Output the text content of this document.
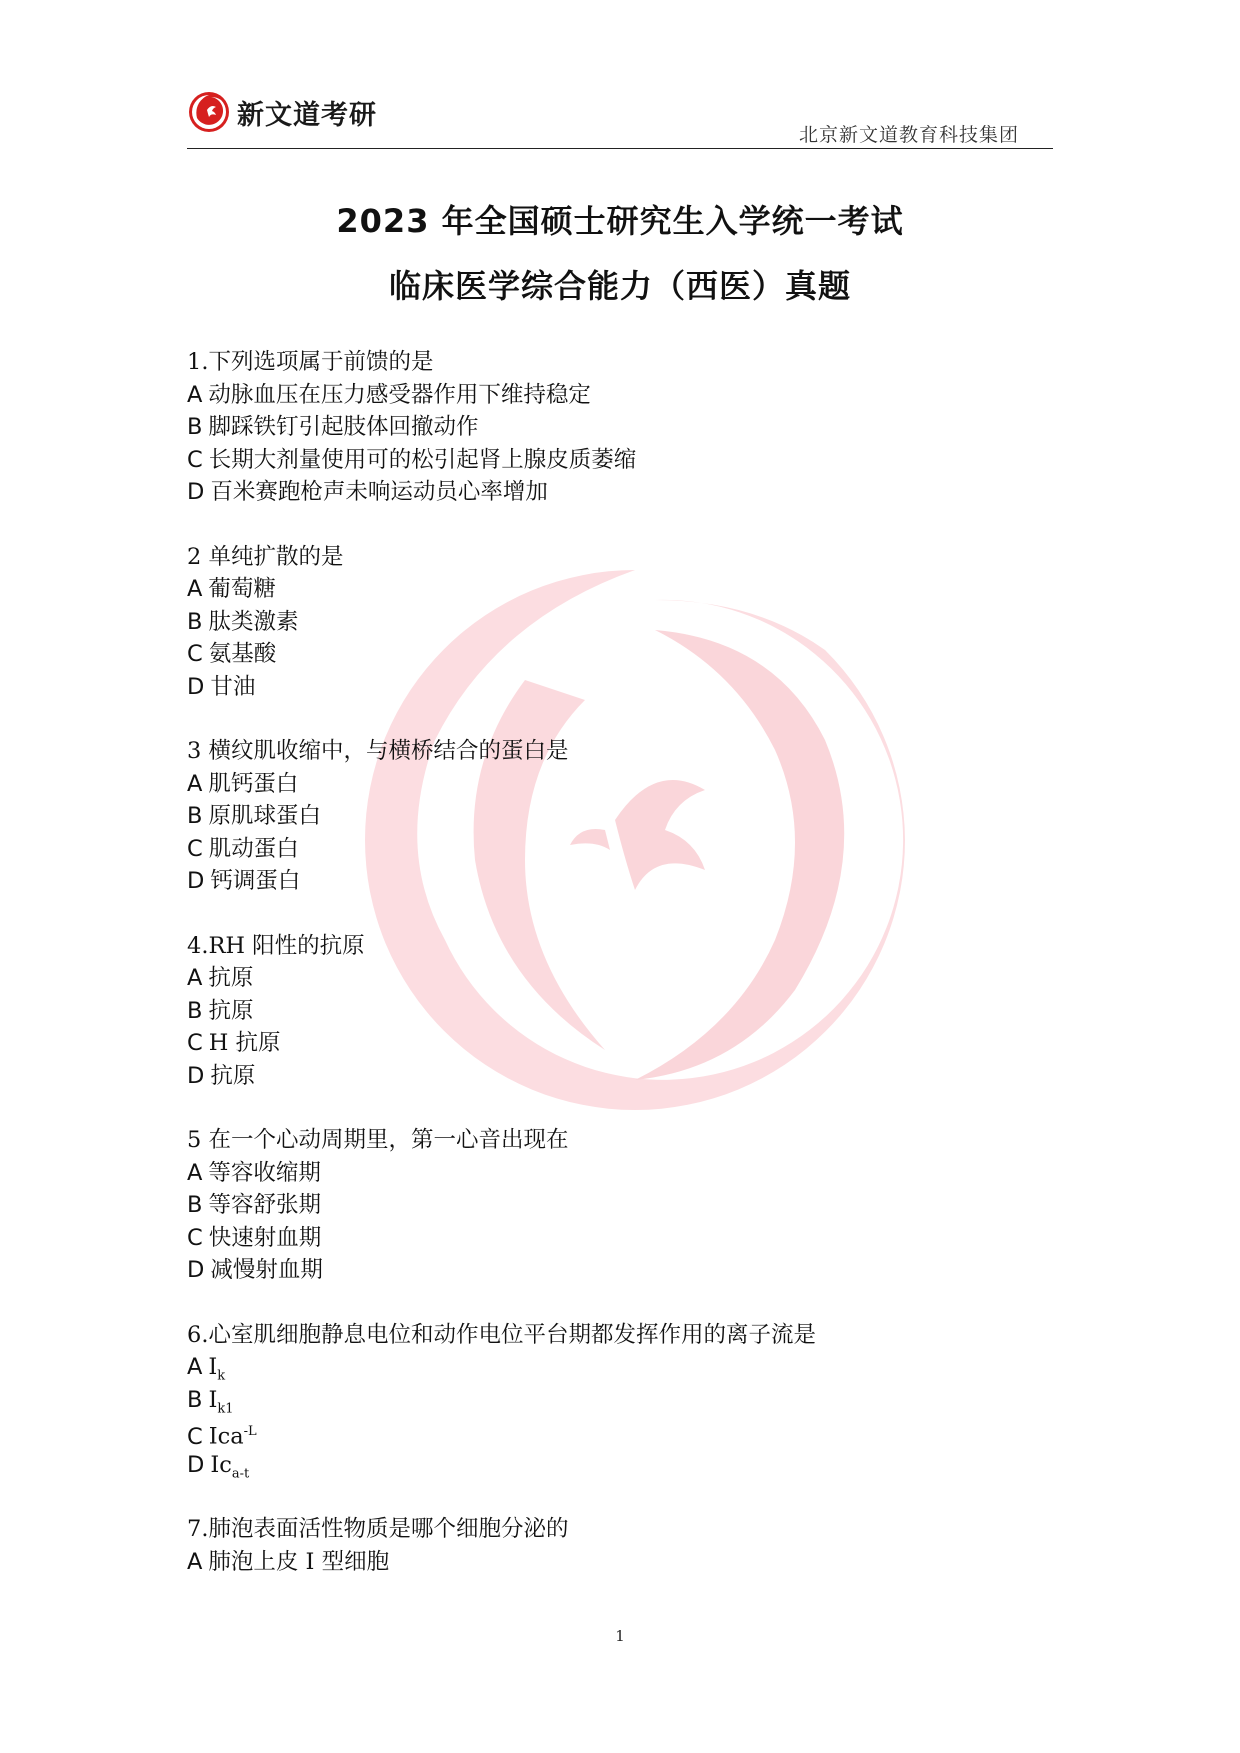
新文道考研
北京新文道教育科技集团
2023 年全国硕士研究生入学统一考试
临床医学综合能力（西医）真题
1.下列选项属于前馈的是
A 动脉血压在压力感受器作用下维持稳定
B 脚踩铁钉引起肢体回撤动作
C 长期大剂量使用可的松引起肾上腺皮质萎缩
D 百米赛跑枪声未响运动员心率增加
2 单纯扩散的是
A 葡萄糖
B 肽类激素
C 氨基酸
D 甘油
3 横纹肌收缩中，与横桥结合的蛋白是
A 肌钙蛋白
B 原肌球蛋白
C 肌动蛋白
D 钙调蛋白
4.RH 阳性的抗原
A 抗原
B 抗原
C H 抗原
D 抗原
5 在一个心动周期里，第一心音出现在
A 等容收缩期
B 等容舒张期
C 快速射血期
D 减慢射血期
6.心室肌细胞静息电位和动作电位平台期都发挥作用的离子流是
A $I_k$
B $I_{k1}$
C Ica$^{-L}$
D $Ic_{a-t}$
7.肺泡表面活性物质是哪个细胞分泌的
A 肺泡上皮 I 型细胞
1
